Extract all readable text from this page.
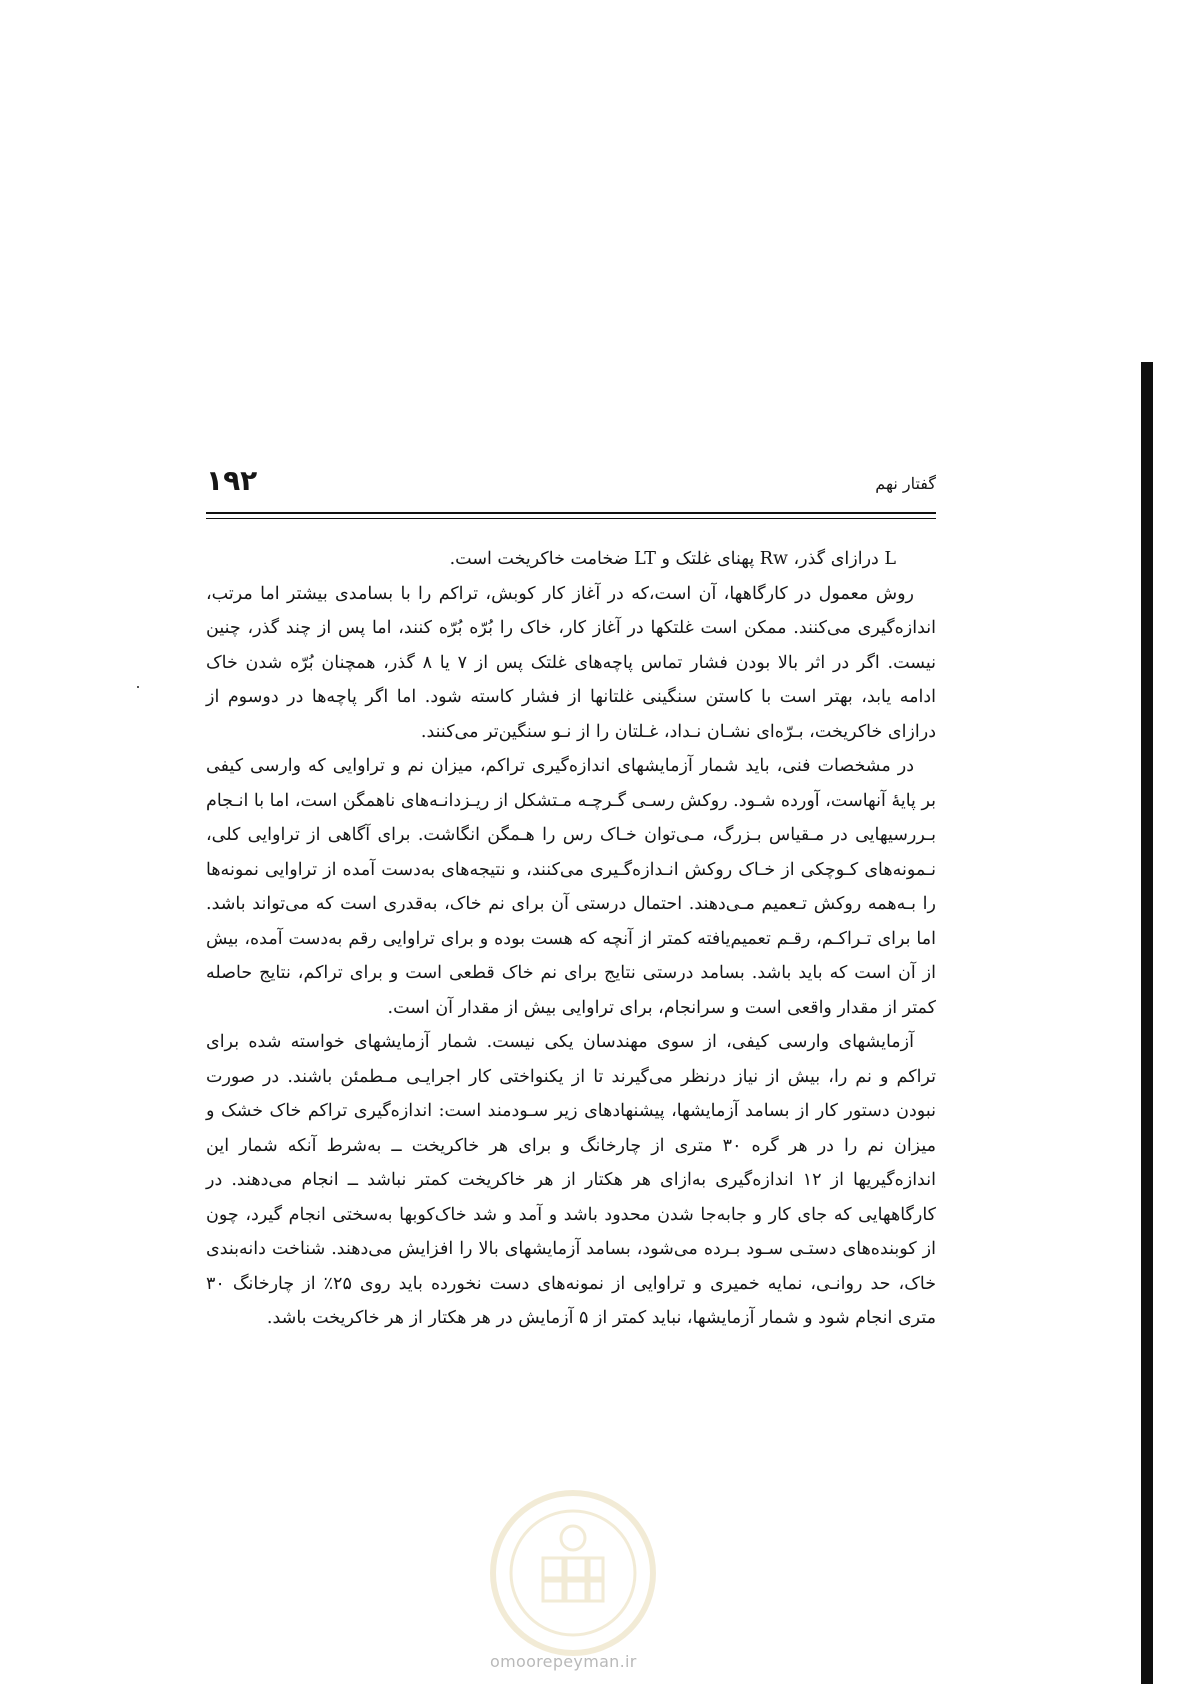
۱۹۲	گفتار نهم

L درازای گذر، Rw پهنای غلتک و LT ضخامت خاکریخت است.

روش معمول در کارگاهها، آن است،که در آغاز کار کوبش، تراکم را با بسامدی بیشتر اما مرتب، اندازه‌گیری می‌کنند. ممکن است غلتکها در آغاز کار، خاک را بُرّه بُرّه کنند، اما پس از چند گذر، چنین نیست. اگر در اثر بالا بودن فشار تماس پاچه‌های غلتک پس از ۷ یا ۸ گذر، همچنان بُرّه شدن خاک ادامه یابد، بهتر است با کاستن سنگینی غلتانها از فشار کاسته شود. اما اگر پاچه‌ها در دوسوم از درازای خاکریخت، بـرّه‌ای نشـان نـداد، غـلتان را از نـو سنگین‌تر می‌کنند.

در مشخصات فنی، باید شمار آزمایشهای اندازه‌گیری تراکم، میزان نم و تراوایی که وارسی کیفی بر پایهٔ آنهاست، آورده شـود. روکش رسـی گـرچـه مـتشکل از ریـزدانـه‌های ناهمگن است، اما با انـجام بـررسیهایی در مـقیاس بـزرگ، مـی‌توان خـاک رس را هـمگن انگاشت. برای آگاهی از تراوایی کلی، نـمونه‌های کـوچکی از خـاک روکش انـدازه‌گـیری می‌کنند، و نتیجه‌های به‌دست آمده از تراوایی نمونه‌ها را بـه‌همه روکش تـعمیم مـی‌دهند. احتمال درستی آن برای نم خاک، به‌قدری است که می‌تواند باشد. اما برای تـراکـم، رقـم تعمیم‌یافته کمتر از آنچه که هست بوده و برای تراوایی رقم به‌دست آمده، بیش از آن است که باید باشد. بسامد درستی نتایج برای نم خاک قطعی است و برای تراکم، نتایج حاصله کمتر از مقدار واقعی است و سرانجام، برای تراوایی بیش از مقدار آن است.

آزمایشهای وارسی کیفی، از سوی مهندسان یکی نیست. شمار آزمایشهای خواسته شده برای تراکم و نم را، بیش از نیاز درنظر می‌گیرند تا از یکنواختی کار اجرایـی مـطمئن باشند. در صورت نبودن دستور کار از بسامد آزمایشها، پیشنهادهای زیر سـودمند است: اندازه‌گیری تراکم خاک خشک و میزان نم را در هر گره ۳۰ متری از چارخانگ و برای هر خاکریخت ــ به‌شرط آنکه شمار این اندازه‌گیریها از ۱۲ اندازه‌گیری به‌ازای هر هکتار از هر خاکریخت کمتر نباشد ــ انجام می‌دهند. در کارگاههایی که جای کار و جابه‌جا شدن محدود باشد و آمد و شد خاک‌کوبها به‌سختی انجام گیرد، چون از کوبنده‌های دستـی سـود بـرده می‌شود، بسامد آزمایشهای بالا را افزایش می‌دهند. شناخت دانه‌بندی خاک، حد روانـی، نمایه خمیری و تراوایی از نمونه‌های دست نخورده باید روی ۲۵٪ از چارخانگ ۳۰ متری انجام شود و شمار آزمایشها، نباید کمتر از ۵ آزمایش در هر هکتار از هر خاکریخت باشد.

omoorepeyman.ir
